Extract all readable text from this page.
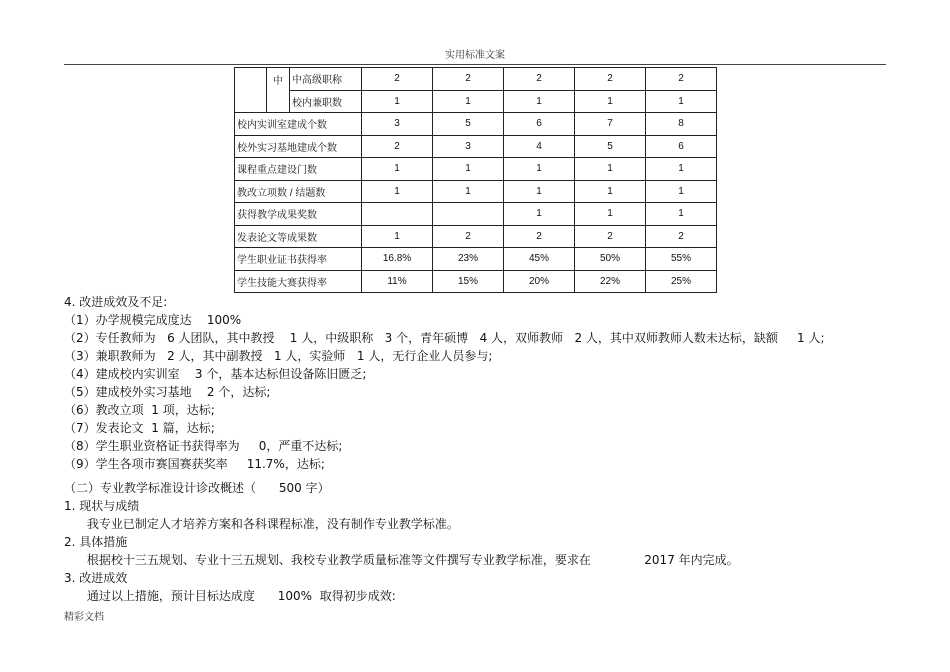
实用标准文案
	中	中高级职称	2	2	2	2	2
		校内兼职数	1	1	1	1	1
校内实训室建成个数			3	5	6	7	8
校外实习基地建成个数			2	3	4	5	6
课程重点建设门数			1	1	1	1	1
教改立项数 / 结题数			1	1	1	1	1
获得教学成果奖数					1	1	1
发表论文等成果数			1	2	2	2	2
学生职业证书获得率			16.8%	23%	45%	50%	55%
学生技能大赛获得率			11%	15%	20%	22%	25%
4. 改进成效及不足:
（1）办学规模完成度达    100%
（2）专任教师为   6 人团队，其中教授    1 人，中级职称   3 个，青年硕博   4 人，双师教师   2 人，其中双师教师人数未达标，缺额     1 人;
（3）兼职教师为   2 人，其中副教授   1 人，实验师   1 人，无行企业人员参与;
（4）建成校内实训室    3 个，基本达标但设备陈旧匮乏;
（5）建成校外实习基地    2 个，达标;
（6）教改立项  1 项，达标;
（7）发表论文  1 篇，达标;
（8）学生职业资格证书获得率为     0，严重不达标;
（9）学生各项市赛国赛获奖率     11.7%，达标;
（二）专业教学标准设计诊改概述（      500 字）
1. 现状与成绩
我专业已制定人才培养方案和各科课程标准，没有制作专业教学标准。
2. 具体措施
根据校十三五规划、专业十三五规划、我校专业教学质量标准等文件撰写专业教学标准，要求在              2017 年内完成。
3. 改进成效
通过以上措施，预计目标达成度      100%  取得初步成效:
精彩文档
